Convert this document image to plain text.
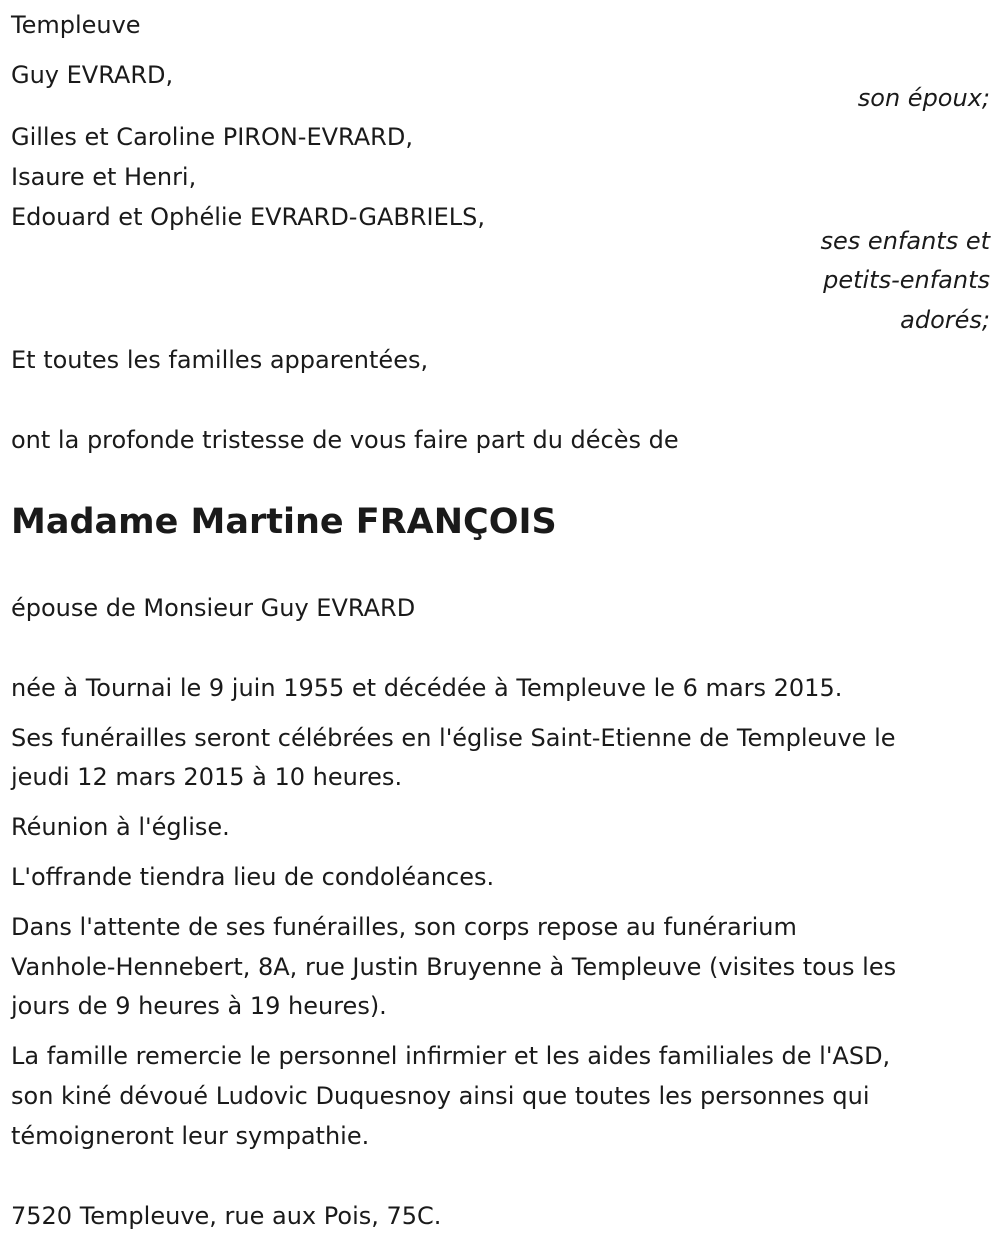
Templeuve
Guy EVRARD,
son époux;
Gilles et Caroline PIRON-EVRARD,
Isaure et Henri,
Edouard et Ophélie EVRARD-GABRIELS,
ses enfants et
petits-enfants
adorés;
Et toutes les familles apparentées,
ont la profonde tristesse de vous faire part du décès de
Madame Martine FRANÇOIS
épouse de Monsieur Guy EVRARD
née à Tournai le 9 juin 1955 et décédée à Templeuve le 6 mars 2015.
Ses funérailles seront célébrées en l'église Saint-Etienne de Templeuve le
jeudi 12 mars 2015 à 10 heures.
Réunion à l'église.
L'offrande tiendra lieu de condoléances.
Dans l'attente de ses funérailles, son corps repose au funérarium
Vanhole-Hennebert, 8A, rue Justin Bruyenne à Templeuve (visites tous les
jours de 9 heures à 19 heures).
La famille remercie le personnel infirmier et les aides familiales de l'ASD,
son kiné dévoué Ludovic Duquesnoy ainsi que toutes les personnes qui
témoigneront leur sympathie.
7520 Templeuve, rue aux Pois, 75C.
